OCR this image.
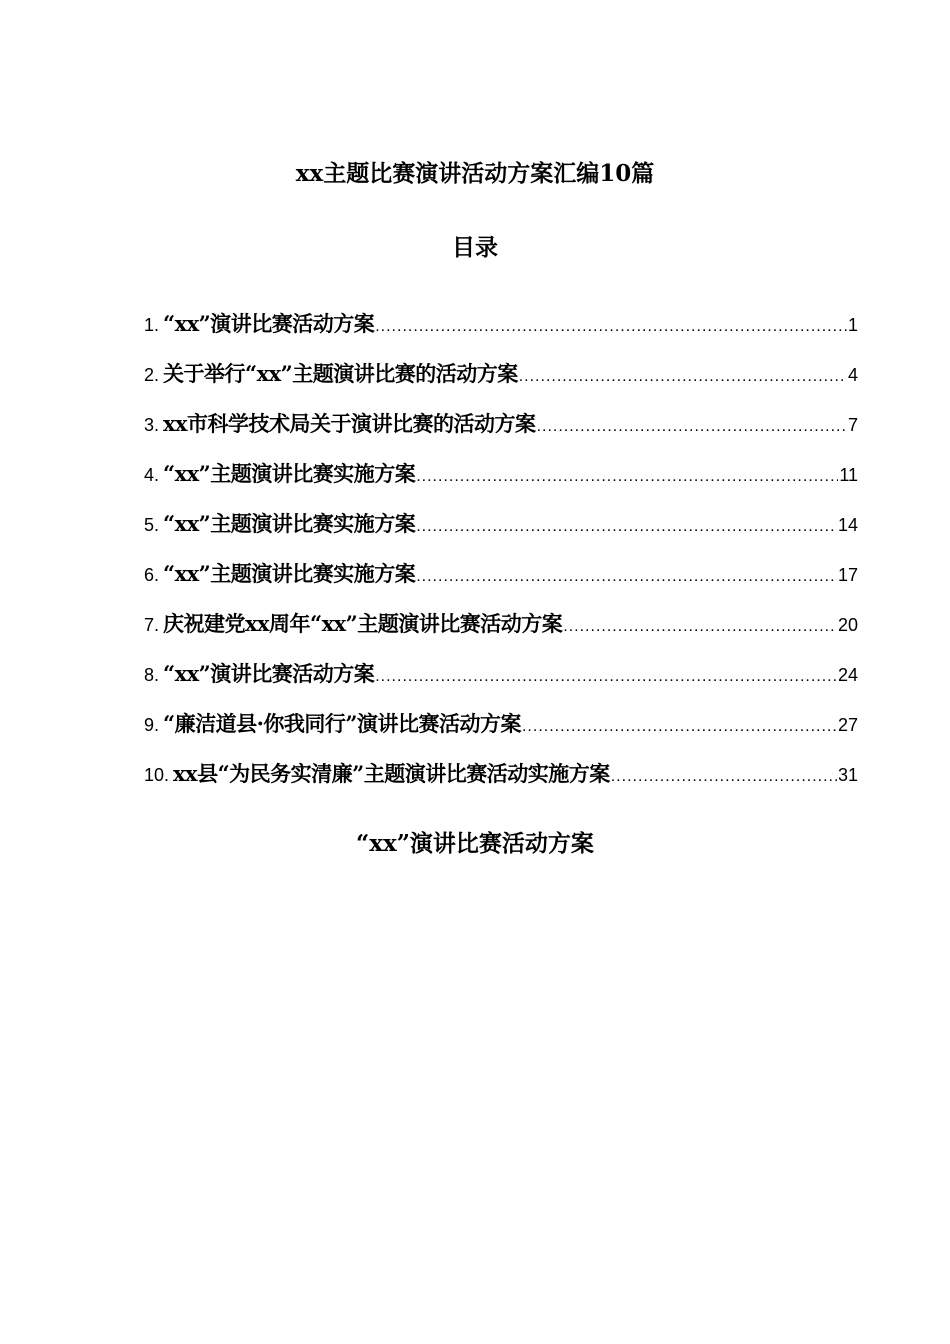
xx主题比赛演讲活动方案汇编10篇
目录
1. “xx”演讲比赛活动方案 .....	1
2. 关于举行“xx”主题演讲比赛的活动方案 .....	4
3. xx市科学技术局关于演讲比赛的活动方案 .....	7
4. “xx”主题演讲比赛实施方案 .....	11
5. “xx”主题演讲比赛实施方案 .....	14
6. “xx”主题演讲比赛实施方案 .....	17
7. 庆祝建党xx周年“xx”主题演讲比赛活动方案 .....	20
8. “xx”演讲比赛活动方案 .....	24
9. “廉洁道县·你我同行”演讲比赛活动方案 .....	27
10. xx县“为民务实清廉”主题演讲比赛活动实施方案 .....	31
“xx”演讲比赛活动方案
